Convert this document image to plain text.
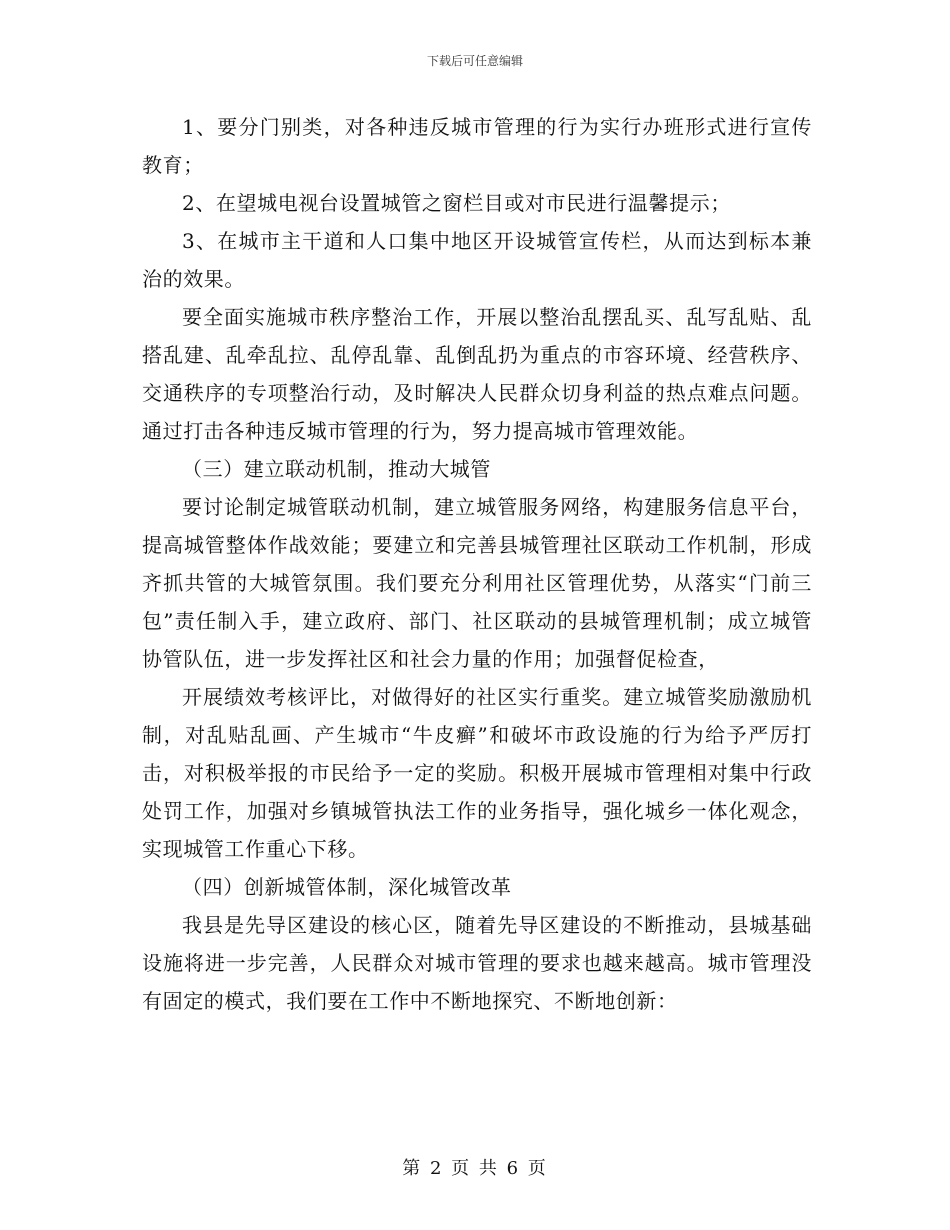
下载后可任意编辑

1、要分门别类，对各种违反城市管理的行为实行办班形式进行宣传教育；

2、在望城电视台设置城管之窗栏目或对市民进行温馨提示；

3、在城市主干道和人口集中地区开设城管宣传栏，从而达到标本兼治的效果。

要全面实施城市秩序整治工作，开展以整治乱摆乱买、乱写乱贴、乱搭乱建、乱牵乱拉、乱停乱靠、乱倒乱扔为重点的市容环境、经营秩序、交通秩序的专项整治行动，及时解决人民群众切身利益的热点难点问题。通过打击各种违反城市管理的行为，努力提高城市管理效能。

（三）建立联动机制，推动大城管

要讨论制定城管联动机制，建立城管服务网络，构建服务信息平台，提高城管整体作战效能；要建立和完善县城管理社区联动工作机制，形成齐抓共管的大城管氛围。我们要充分利用社区管理优势，从落实“门前三包”责任制入手，建立政府、部门、社区联动的县城管理机制；成立城管协管队伍，进一步发挥社区和社会力量的作用；加强督促检查，

开展绩效考核评比，对做得好的社区实行重奖。建立城管奖励激励机制，对乱贴乱画、产生城市“牛皮癣”和破坏市政设施的行为给予严厉打击，对积极举报的市民给予一定的奖励。积极开展城市管理相对集中行政处罚工作，加强对乡镇城管执法工作的业务指导，强化城乡一体化观念，实现城管工作重心下移。

（四）创新城管体制，深化城管改革

我县是先导区建设的核心区，随着先导区建设的不断推动，县城基础设施将进一步完善，人民群众对城市管理的要求也越来越高。城市管理没有固定的模式，我们要在工作中不断地探究、不断地创新：

第 2 页 共 6 页
